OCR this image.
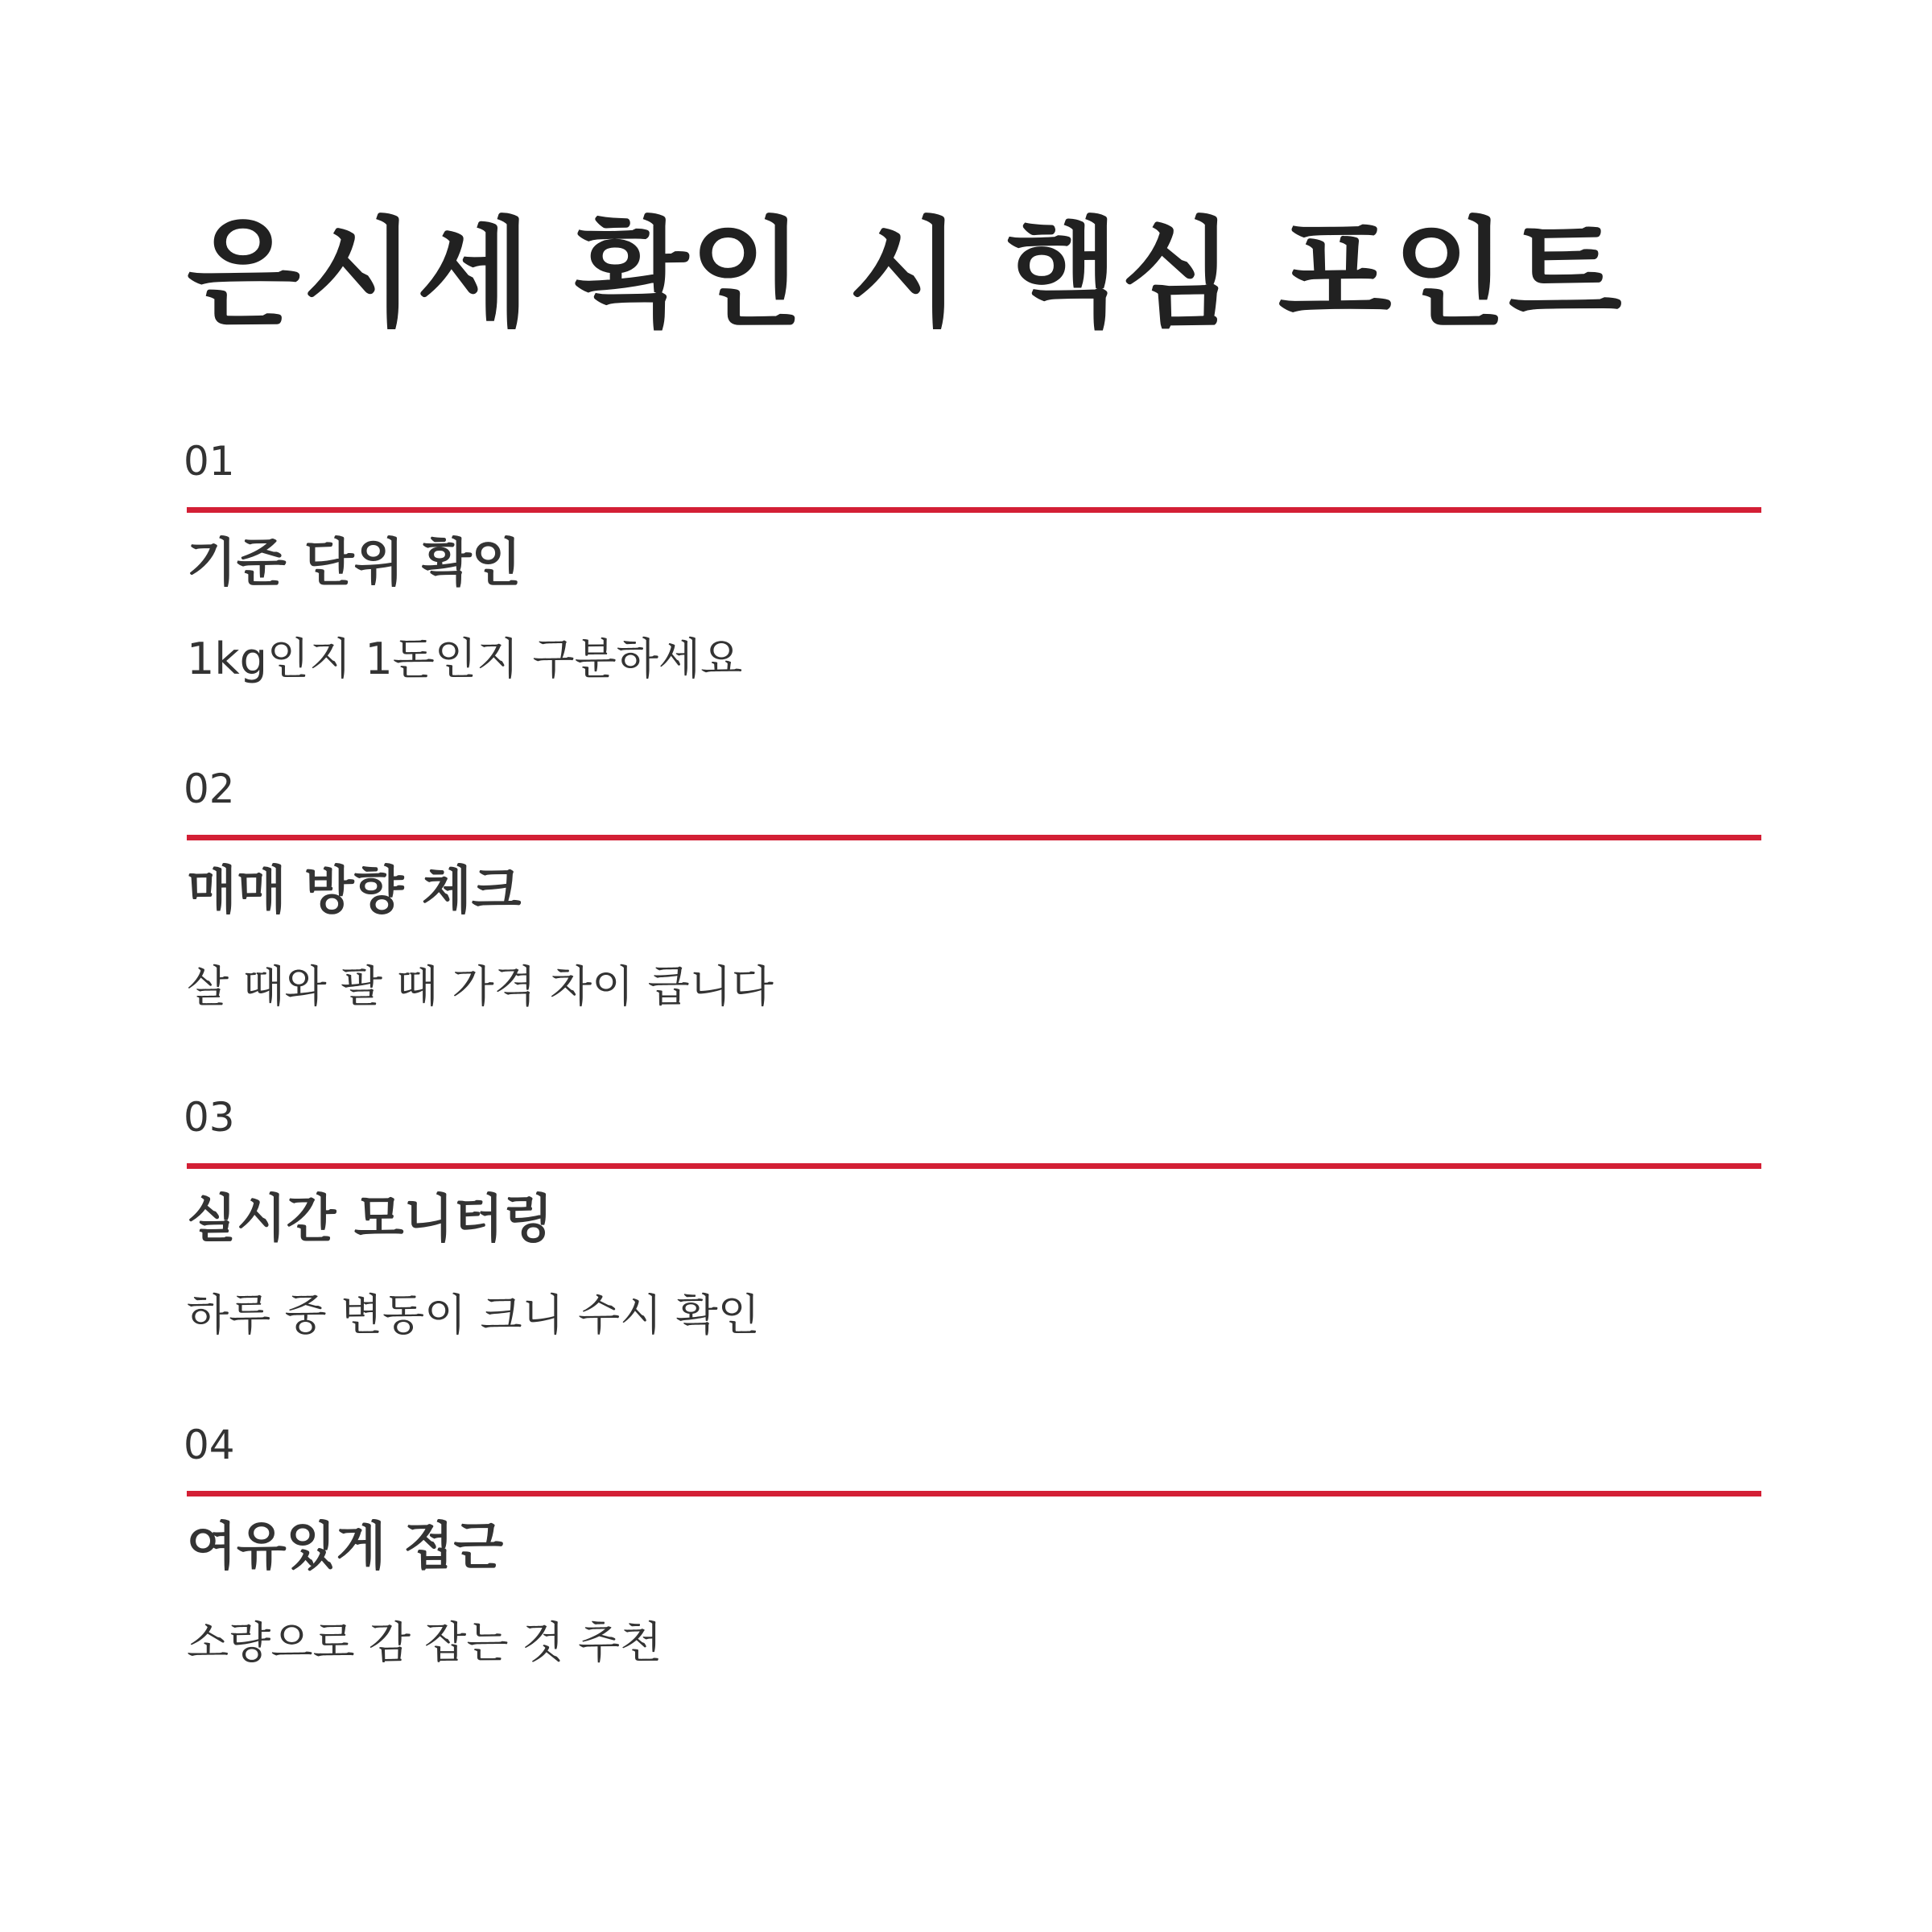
은시세 확인 시 핵심 포인트
01
기준 단위 확인

1kg인지 1돈인지 구분하세요

02
매매 방향 체크

살 때와 팔 때 가격 차이 큽니다

03
실시간 모니터링

하루 중 변동이 크니 수시 확인

04
여유있게 접근

소량으로 감 잡는 것 추천
